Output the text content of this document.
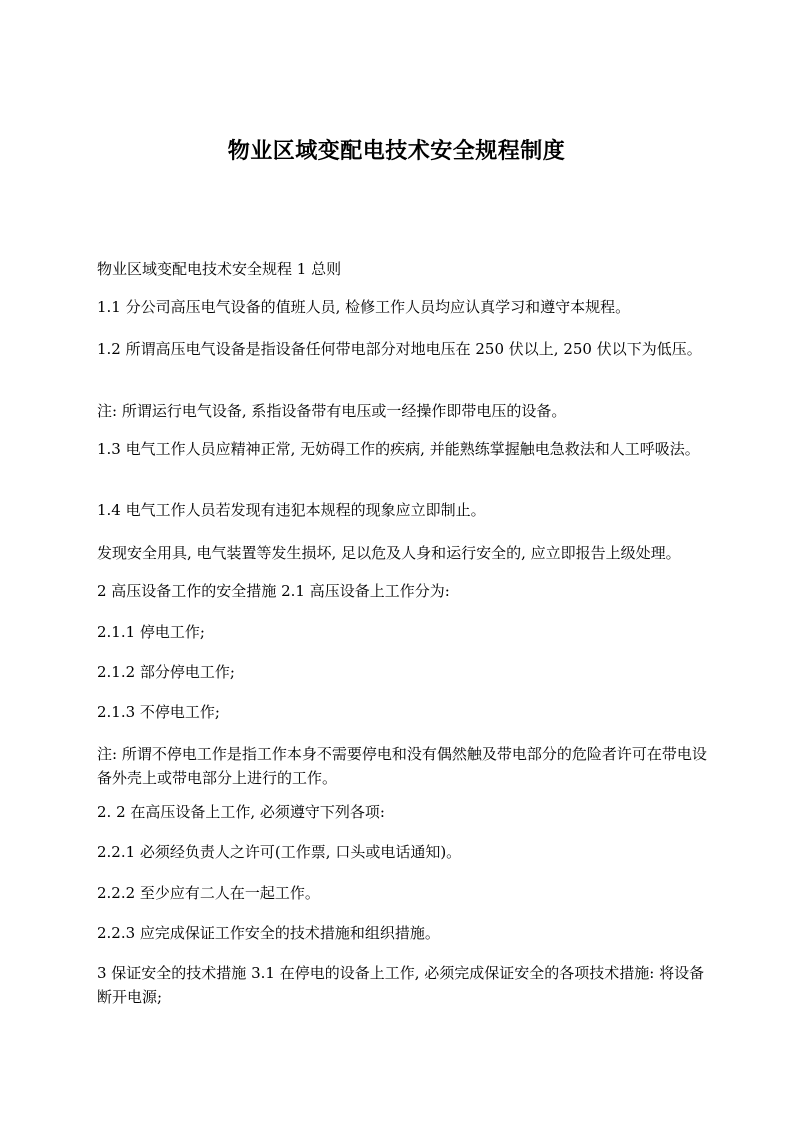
物业区域变配电技术安全规程制度
物业区域变配电技术安全规程 1 总则
1.1 分公司高压电气设备的值班人员, 检修工作人员均应认真学习和遵守本规程。
1.2 所谓高压电气设备是指设备任何带电部分对地电压在 250 伏以上, 250 伏以下为低压。
注: 所谓运行电气设备, 系指设备带有电压或一经操作即带电压的设备。
1.3 电气工作人员应精神正常, 无妨碍工作的疾病, 并能熟练掌握触电急救法和人工呼吸法。
1.4 电气工作人员若发现有违犯本规程的现象应立即制止。
发现安全用具, 电气装置等发生损坏, 足以危及人身和运行安全的, 应立即报告上级处理。
2 高压设备工作的安全措施 2.1 高压设备上工作分为:
2.1.1 停电工作;
2.1.2 部分停电工作;
2.1.3 不停电工作;
注: 所谓不停电工作是指工作本身不需要停电和没有偶然触及带电部分的危险者许可在带电设备外壳上或带电部分上进行的工作。
2. 2 在高压设备上工作, 必须遵守下列各项:
2.2.1 必须经负责人之许可(工作票, 口头或电话通知)。
2.2.2 至少应有二人在一起工作。
2.2.3 应完成保证工作安全的技术措施和组织措施。
3 保证安全的技术措施 3.1 在停电的设备上工作, 必须完成保证安全的各项技术措施: 将设备断开电源;
